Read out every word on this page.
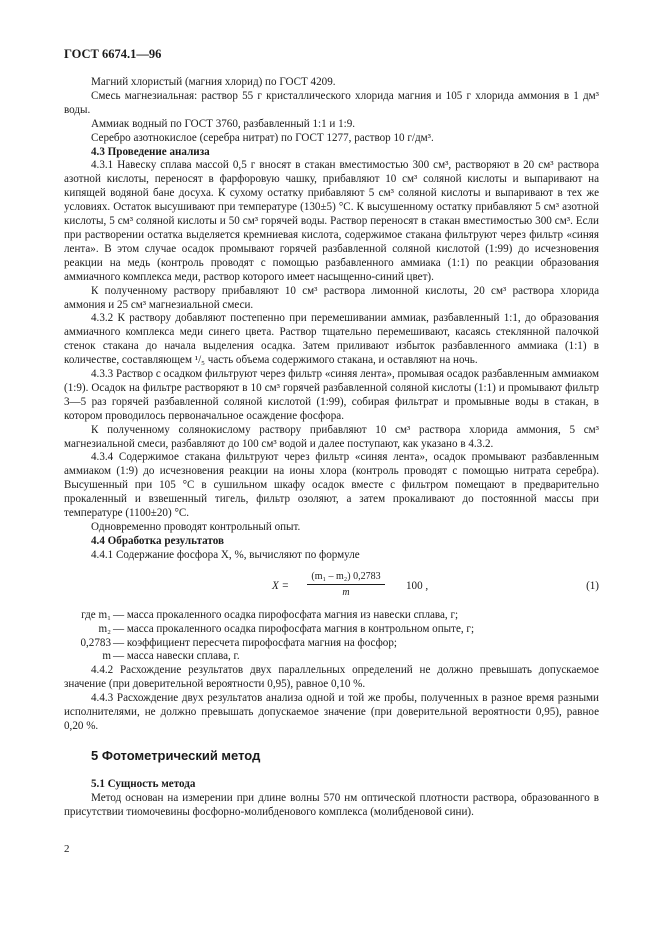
ГОСТ 6674.1—96

Магний хлористый (магния хлорид) по ГОСТ 4209.

Смесь магнезиальная: раствор 55 г кристаллического хлорида магния и 105 г хлорида аммония в 1 дм³ воды.

Аммиак водный по ГОСТ 3760, разбавленный 1:1 и 1:9.

Серебро азотнокислое (серебра нитрат) по ГОСТ 1277, раствор 10 г/дм³.

4.3 Проведение анализа

4.3.1 Навеску сплава массой 0,5 г вносят в стакан вместимостью 300 см³, растворяют в 20 см³ раствора азотной кислоты, переносят в фарфоровую чашку, прибавляют 10 см³ соляной кислоты и выпаривают на кипящей водяной бане досуха. К сухому остатку прибавляют 5 см³ соляной кислоты и выпаривают в тех же условиях. Остаток высушивают при температуре (130±5) °С. К высушенному остатку прибавляют 5 см³ азотной кислоты, 5 см³ соляной кислоты и 50 см³ горячей воды. Раствор переносят в стакан вместимостью 300 см³. Если при растворении остатка выделяется кремниевая кислота, содержимое стакана фильтруют через фильтр «синяя лента». В этом случае осадок промывают горячей разбавленной соляной кислотой (1:99) до исчезновения реакции на медь (контроль проводят с помощью разбавленного аммиака (1:1) по реакции образования аммиачного комплекса меди, раствор которого имеет насыщенно-синий цвет).

К полученному раствору прибавляют 10 см³ раствора лимонной кислоты, 20 см³ раствора хлорида аммония и 25 см³ магнезиальной смеси.

4.3.2 К раствору добавляют постепенно при перемешивании аммиак, разбавленный 1:1, до образования аммиачного комплекса меди синего цвета. Раствор тщательно перемешивают, касаясь стеклянной палочкой стенок стакана до начала выделения осадка. Затем приливают избыток разбавленного аммиака (1:1) в количестве, составляющем ¹/₅ часть объема содержимого стакана, и оставляют на ночь.

4.3.3 Раствор с осадком фильтруют через фильтр «синяя лента», промывая осадок разбавленным аммиаком (1:9). Осадок на фильтре растворяют в 10 см³ горячей разбавленной соляной кислоты (1:1) и промывают фильтр 3—5 раз горячей разбавленной соляной кислотой (1:99), собирая фильтрат и промывные воды в стакан, в котором проводилось первоначальное осаждение фосфора.

К полученному солянокислому раствору прибавляют 10 см³ раствора хлорида аммония, 5 см³ магнезиальной смеси, разбавляют до 100 см³ водой и далее поступают, как указано в 4.3.2.

4.3.4 Содержимое стакана фильтруют через фильтр «синяя лента», осадок промывают разбавленным аммиаком (1:9) до исчезновения реакции на ионы хлора (контроль проводят с помощью нитрата серебра). Высушенный при 105 °С в сушильном шкафу осадок вместе с фильтром помещают в предварительно прокаленный и взвешенный тигель, фильтр озоляют, а затем прокаливают до постоянной массы при температуре (1100±20) °С.

Одновременно проводят контрольный опыт.

4.4 Обработка результатов

4.4.1 Содержание фосфора X, %, вычисляют по формуле

X =
$\frac{\text{(m₁ – m₂) 0,2783}}{m} 100$ ,	(1)
где m₁ — масса прокаленного осадка пирофосфата магния из навески сплава, г;
m₂ — масса прокаленного осадка пирофосфата магния в контрольном опыте, г;
0,2783 — коэффициент пересчета пирофосфата магния на фосфор;
m — масса навески сплава, г.

4.4.2 Расхождение результатов двух параллельных определений не должно превышать допускаемое значение (при доверительной вероятности 0,95), равное 0,10 %.

4.4.3 Расхождение двух результатов анализа одной и той же пробы, полученных в разное время разными исполнителями, не должно превышать допускаемое значение (при доверительной вероятности 0,95), равное 0,20 %.

5 Фотометрический метод
5.1 Сущность метода

Метод основан на измерении при длине волны 570 нм оптической плотности раствора, образованного в присутствии тиомочевины фосфорно-молибденового комплекса (молибденовой сини).

2
